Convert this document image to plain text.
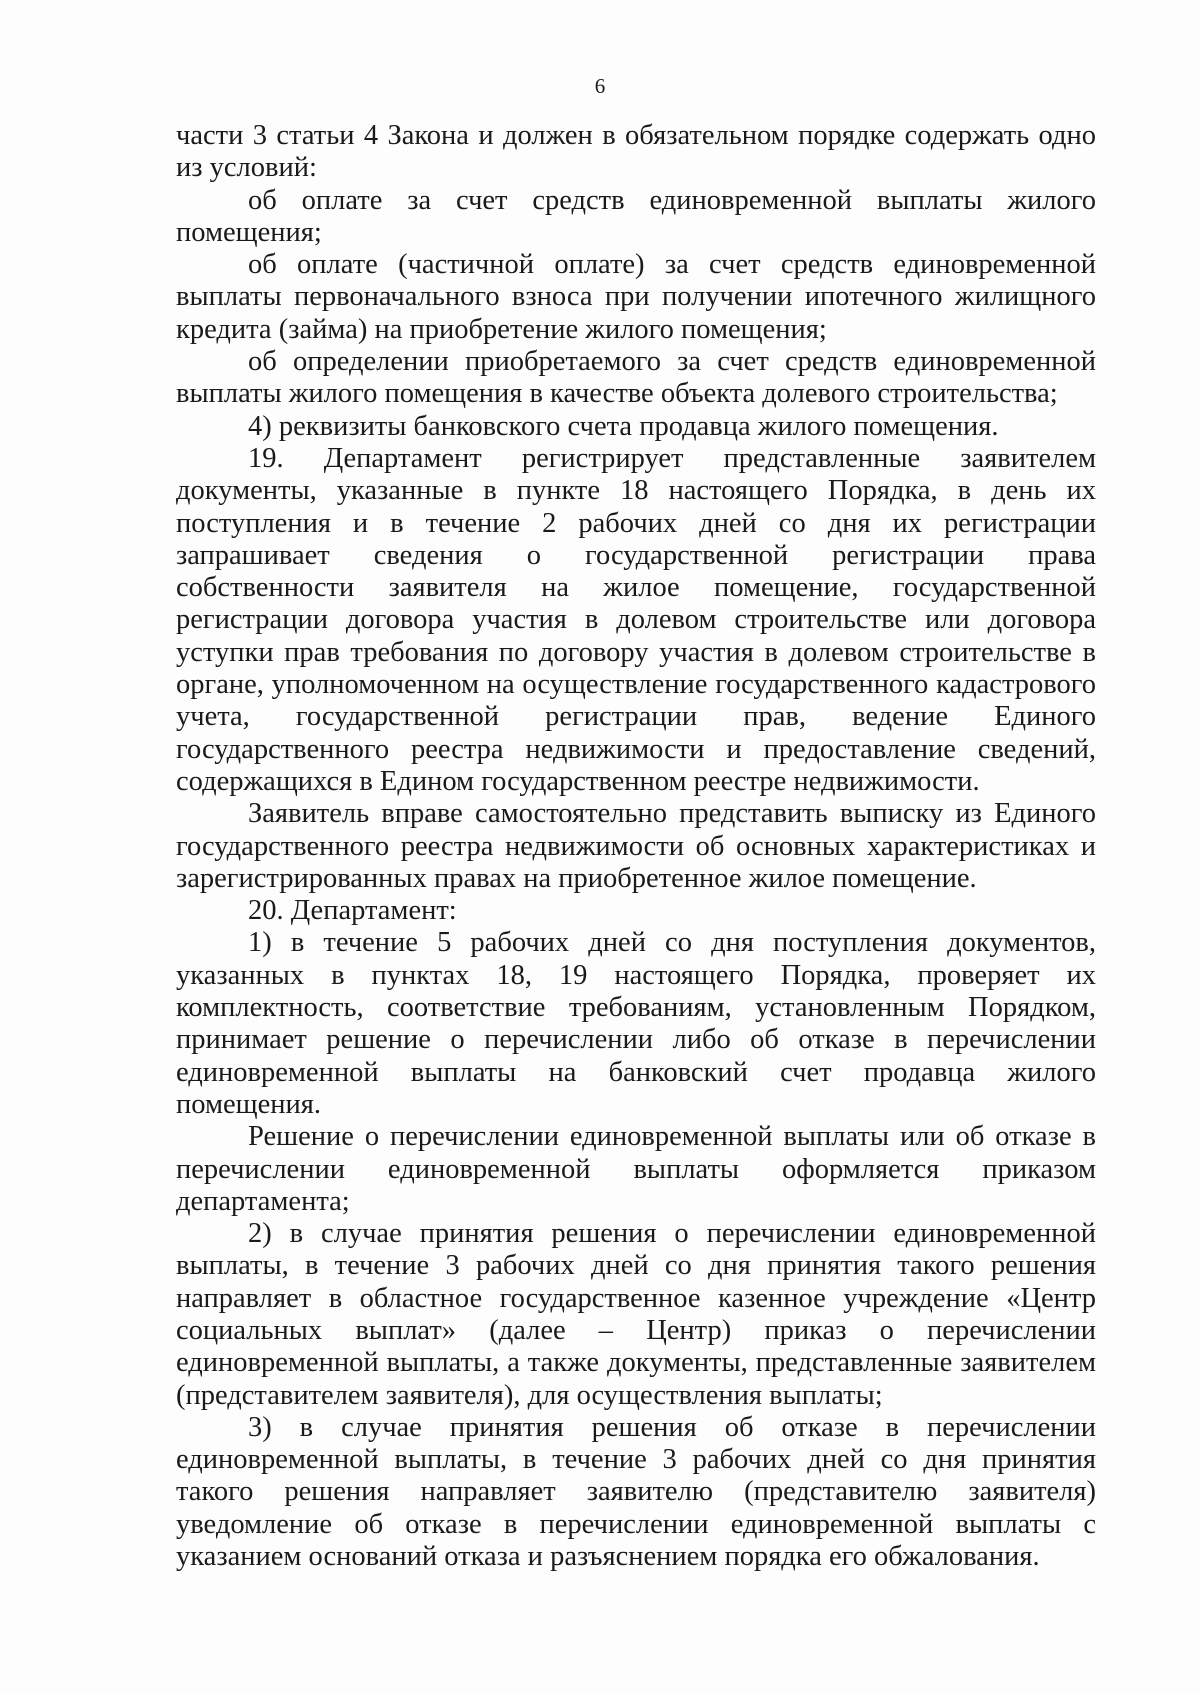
6

части 3 статьи 4 Закона и должен в обязательном порядке содержать одно из условий:

об оплате за счет средств единовременной выплаты жилого помещения;

об оплате (частичной оплате) за счет средств единовременной выплаты первоначального взноса при получении ипотечного жилищного кредита (займа) на приобретение жилого помещения;

об определении приобретаемого за счет средств единовременной выплаты жилого помещения в качестве объекта долевого строительства;

4) реквизиты банковского счета продавца жилого помещения.

19. Департамент регистрирует представленные заявителем документы, указанные в пункте 18 настоящего Порядка, в день их поступления и в течение 2 рабочих дней со дня их регистрации запрашивает сведения о государственной регистрации права собственности заявителя на жилое помещение, государственной регистрации договора участия в долевом строительстве или договора уступки прав требования по договору участия в долевом строительстве в органе, уполномоченном на осуществление государственного кадастрового учета, государственной регистрации прав, ведение Единого государственного реестра недвижимости и предоставление сведений, содержащихся в Едином государственном реестре недвижимости.

Заявитель вправе самостоятельно представить выписку из Единого государственного реестра недвижимости об основных характеристиках и зарегистрированных правах на приобретенное жилое помещение.

20. Департамент:

1) в течение 5 рабочих дней со дня поступления документов, указанных в пунктах 18, 19 настоящего Порядка, проверяет их комплектность, соответствие требованиям, установленным Порядком, принимает решение о перечислении либо об отказе в перечислении единовременной выплаты на банковский счет продавца жилого помещения.

Решение о перечислении единовременной выплаты или об отказе в перечислении единовременной выплаты оформляется приказом департамента;

2) в случае принятия решения о перечислении единовременной выплаты, в течение 3 рабочих дней со дня принятия такого решения направляет в областное государственное казенное учреждение «Центр социальных выплат» (далее – Центр) приказ о перечислении единовременной выплаты, а также документы, представленные заявителем (представителем заявителя), для осуществления выплаты;

3) в случае принятия решения об отказе в перечислении единовременной выплаты, в течение 3 рабочих дней со дня принятия такого решения направляет заявителю (представителю заявителя) уведомление об отказе в перечислении единовременной выплаты с указанием оснований отказа и разъяснением порядка его обжалования.
